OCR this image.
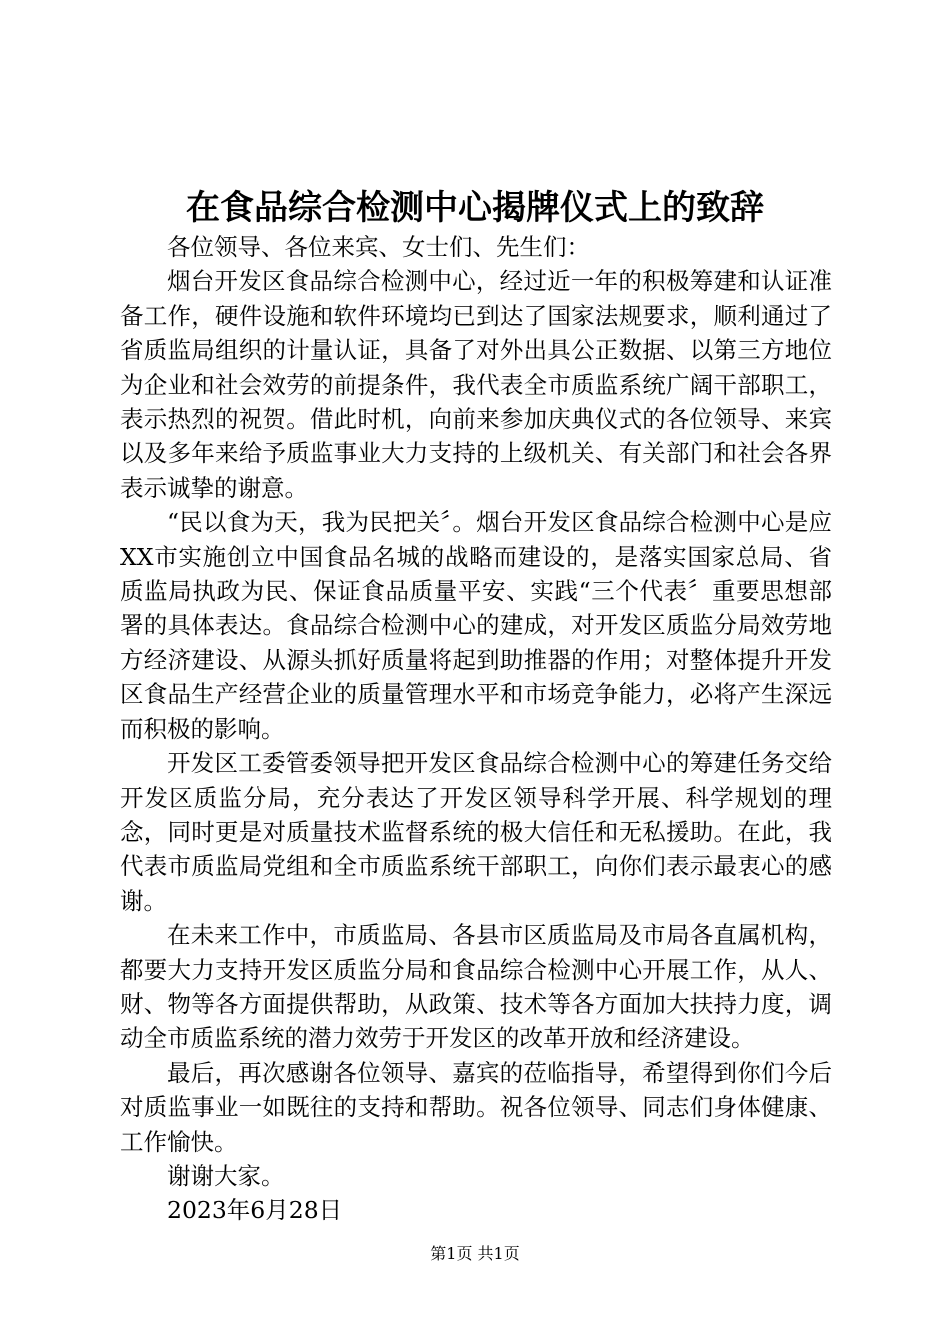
在食品综合检测中心揭牌仪式上的致辞

各位领导、各位来宾、女士们、先生们：

烟台开发区食品综合检测中心，经过近一年的积极筹建和认证准备工作，硬件设施和软件环境均已到达了国家法规要求，顺利通过了省质监局组织的计量认证，具备了对外出具公正数据、以第三方地位为企业和社会效劳的前提条件，我代表全市质监系统广阔干部职工，表示热烈的祝贺。借此时机，向前来参加庆典仪式的各位领导、来宾以及多年来给予质监事业大力支持的上级机关、有关部门和社会各界表示诚挚的谢意。

“民以食为天，我为民把关〞。烟台开发区食品综合检测中心是应XX市实施创立中国食品名城的战略而建设的，是落实国家总局、省质监局执政为民、保证食品质量平安、实践“三个代表〞重要思想部署的具体表达。食品综合检测中心的建成，对开发区质监分局效劳地方经济建设、从源头抓好质量将起到助推器的作用；对整体提升开发区食品生产经营企业的质量管理水平和市场竞争能力，必将产生深远而积极的影响。

开发区工委管委领导把开发区食品综合检测中心的筹建任务交给开发区质监分局，充分表达了开发区领导科学开展、科学规划的理念，同时更是对质量技术监督系统的极大信任和无私援助。在此，我代表市质监局党组和全市质监系统干部职工，向你们表示最衷心的感谢。

在未来工作中，市质监局、各县市区质监局及市局各直属机构，都要大力支持开发区质监分局和食品综合检测中心开展工作，从人、财、物等各方面提供帮助，从政策、技术等各方面加大扶持力度，调动全市质监系统的潜力效劳于开发区的改革开放和经济建设。

最后，再次感谢各位领导、嘉宾的莅临指导，希望得到你们今后对质监事业一如既往的支持和帮助。祝各位领导、同志们身体健康、工作愉快。

谢谢大家。

2023年6月28日

第1页 共1页
